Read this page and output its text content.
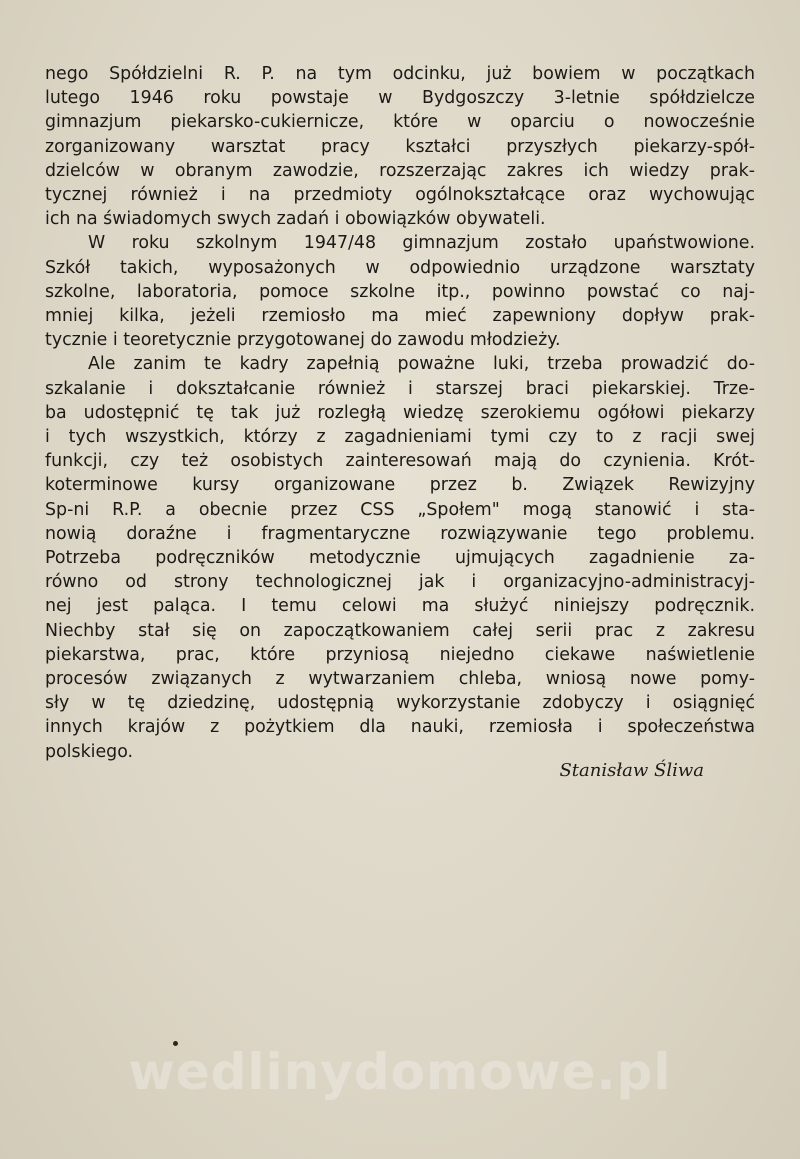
nego Spółdzielni R. P. na tym odcinku, już bowiem w początkach
lutego 1946 roku powstaje w Bydgoszczy 3-letnie spółdzielcze
gimnazjum piekarsko-cukiernicze, które w oparciu o nowocześnie
zorganizowany warsztat pracy kształci przyszłych piekarzy-spół-
dzielców w obranym zawodzie, rozszerzając zakres ich wiedzy prak-
tycznej również i na przedmioty ogólnokształcące oraz wychowując
ich na świadomych swych zadań i obowiązków obywateli.
W roku szkolnym 1947/48 gimnazjum zostało upaństwowione.
Szkół takich, wyposażonych w odpowiednio urządzone warsztaty
szkolne, laboratoria, pomoce szkolne itp., powinno powstać co naj-
mniej kilka, jeżeli rzemiosło ma mieć zapewniony dopływ prak-
tycznie i teoretycznie przygotowanej do zawodu młodzieży.
Ale zanim te kadry zapełnią poważne luki, trzeba prowadzić do-
szkalanie i dokształcanie również i starszej braci piekarskiej. Trze-
ba udostępnić tę tak już rozległą wiedzę szerokiemu ogółowi piekarzy
i tych wszystkich, którzy z zagadnieniami tymi czy to z racji swej
funkcji, czy też osobistych zainteresowań mają do czynienia. Krót-
koterminowe kursy organizowane przez b. Związek Rewizyjny
Sp-ni R.P. a obecnie przez CSS „Społem" mogą stanowić i sta-
nowią doraźne i fragmentaryczne rozwiązywanie tego problemu.
Potrzeba podręczników metodycznie ujmujących zagadnienie za-
równo od strony technologicznej jak i organizacyjno-administracyj-
nej jest paląca. I temu celowi ma służyć niniejszy podręcznik.
Niechby stał się on zapoczątkowaniem całej serii prac z zakresu
piekarstwa, prac, które przyniosą niejedno ciekawe naświetlenie
procesów związanych z wytwarzaniem chleba, wniosą nowe pomy-
sły w tę dziedzinę, udostępnią wykorzystanie zdobyczy i osiągnięć
innych krajów z pożytkiem dla nauki, rzemiosła i społeczeństwa
polskiego.
Stanisław Śliwa
wedlinydomowe.pl
